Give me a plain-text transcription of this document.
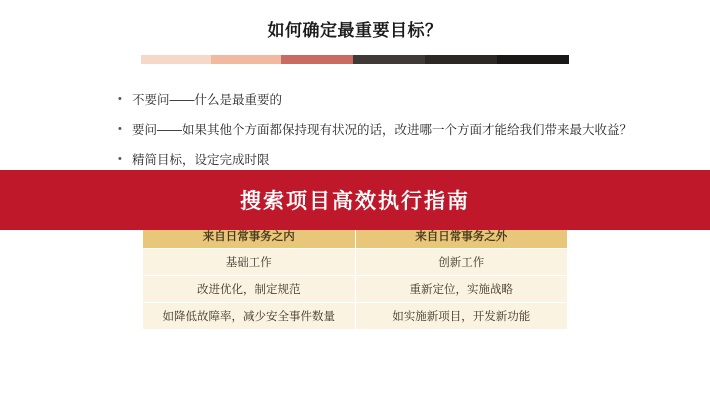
如何确定最重要目标？
• 不要问——什么是最重要的
• 要问——如果其他个方面都保持现有状况的话，改进哪一个方面才能给我们带来最大收益？
• 精简目标，设定完成时限
来自日常事务之内	来自日常事务之外
基础工作	创新工作
改进优化，制定规范	重新定位，实施战略
如降低故障率，减少安全事件数量	如实施新项目，开发新功能
搜索项目高效执行指南
